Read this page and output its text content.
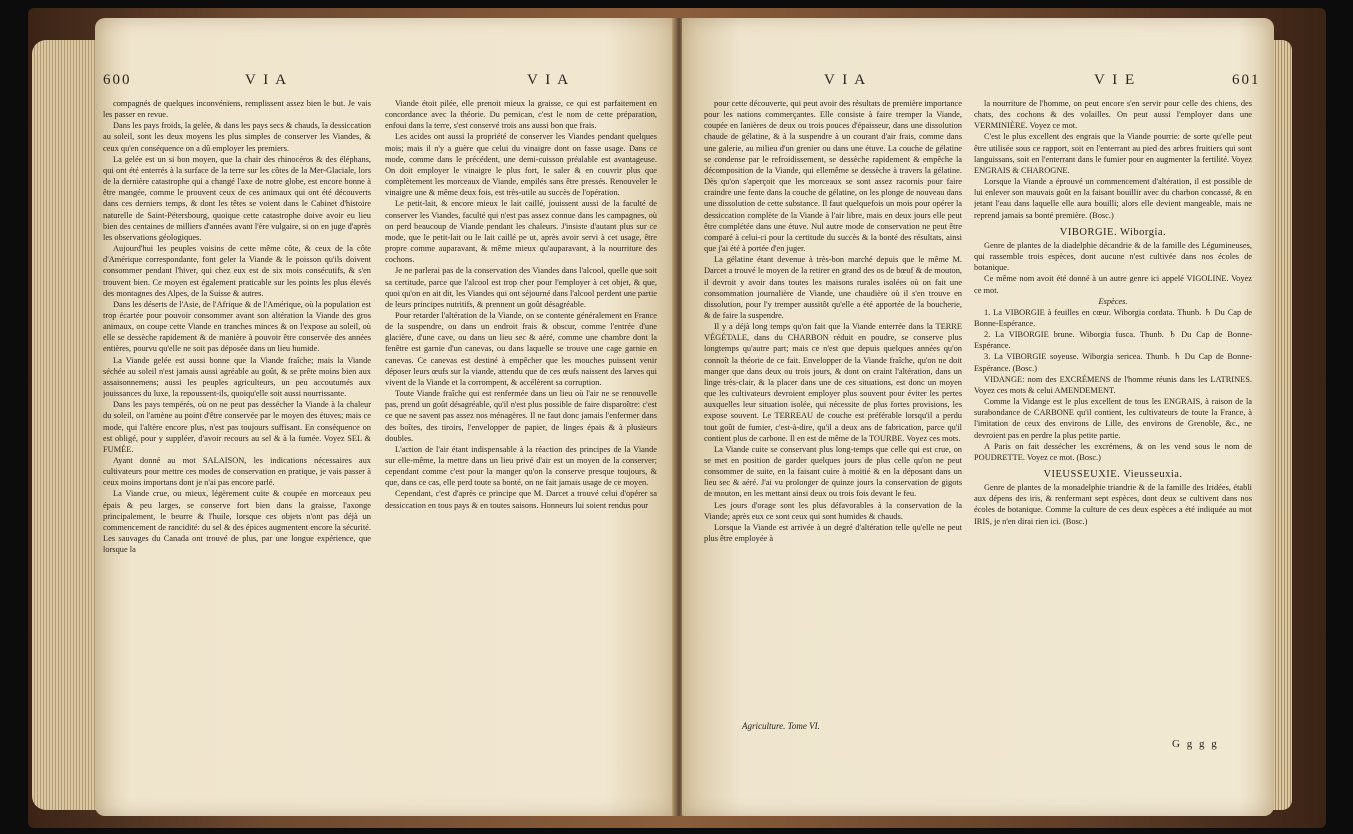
600	V I A	V I A

compagnés de quelques inconvéniens, remplissent assez bien le but. Je vais les passer en revue.

Dans les pays froids, la gelée, & dans les pays secs & chauds, la dessiccation au soleil, sont les deux moyens les plus simples de conserver les Viandes, & ceux qu'en conséquence on a dû employer les premiers.

La gelée est un si bon moyen, que la chair des rhinocéros & des éléphans, qui ont été enterrés à la surface de la terre sur les côtes de la Mer-Glaciale, lors de la dernière catastrophe qui a changé l'axe de notre globe, est encore bonne à être mangée, comme le prouvent ceux de ces animaux qui ont été découverts dans ces derniers temps, & dont les têtes se voient dans le Cabinet d'histoire naturelle de Saint-Pétersbourg, quoique cette catastrophe doive avoir eu lieu bien des centaines de milliers d'années avant l'ère vulgaire, si on en juge d'après les observations géologiques.

Aujourd'hui les peuples voisins de cette même côte, & ceux de la côte d'Amérique correspondante, font geler la Viande & le poisson qu'ils doivent consommer pendant l'hiver, qui chez eux est de six mois consécutifs, & s'en trouvent bien. Ce moyen est également praticable sur les points les plus élevés des montagnes des Alpes, de la Suisse & autres.

Dans les déserts de l'Asie, de l'Afrique & de l'Amérique, où la population est trop écartée pour pouvoir consommer avant son altération la Viande des gros animaux, on coupe cette Viande en tranches minces & on l'expose au soleil, où elle se dessèche rapidement & de manière à pouvoir être conservée des années entières, pourvu qu'elle ne soit pas déposée dans un lieu humide.

La Viande gelée est aussi bonne que la Viande fraîche; mais la Viande séchée au soleil n'est jamais aussi agréable au goût, & se prête moins bien aux assaisonnemens; aussi les peuples agriculteurs, un peu accoutumés aux jouissances du luxe, la repoussent-ils, quoiqu'elle soit aussi nourrissante.

Dans les pays tempérés, où on ne peut pas dessécher la Viande à la chaleur du soleil, on l'amène au point d'être conservée par le moyen des étuves; mais ce mode, qui l'altère encore plus, n'est pas toujours suffisant. En conséquence on est obligé, pour y suppléer, d'avoir recours au sel & à la fumée. Voyez SEL & FUMÉE.

Ayant donné au mot SALAISON, les indications nécessaires aux cultivateurs pour mettre ces modes de conservation en pratique, je vais passer à ceux moins importans dont je n'ai pas encore parlé.

La Viande crue, ou mieux, légèrement cuite & coupée en morceaux peu épais & peu larges, se conserve fort bien dans la graisse, l'axonge principalement, le beurre & l'huile, lorsque ces objets n'ont pas déjà un commencement de rancidité: du sel & des épices augmentent encore la sécurité. Les sauvages du Canada ont trouvé de plus, par une longue expérience, que lorsque la

Viande étoit pilée, elle prenoit mieux la graisse, ce qui est parfaitement en concordance avec la théorie. Du pemican, c'est le nom de cette préparation, enfoui dans la terre, s'est conservé trois ans aussi bon que frais.

Les acides ont aussi la propriété de conserver les Viandes pendant quelques mois; mais il n'y a guère que celui du vinaigre dont on fasse usage. Dans ce mode, comme dans le précédent, une demi-cuisson préalable est avantageuse. On doit employer le vinaigre le plus fort, le saler & en couvrir plus que complètement les morceaux de Viande, empilés sans être pressés. Renouveler le vinaigre une & même deux fois, est très-utile au succès de l'opération.

Le petit-lait, & encore mieux le lait caillé, jouissent aussi de la faculté de conserver les Viandes, faculté qui n'est pas assez connue dans les campagnes, où on perd beaucoup de Viande pendant les chaleurs. J'insiste d'autant plus sur ce mode, que le petit-lait ou le lait caillé pe ut, après avoir servi à cet usage, être propre comme auparavant, & même mieux qu'auparavant, à la nourriture des cochons.

Je ne parlerai pas de la conservation des Viandes dans l'alcool, quelle que soit sa certitude, parce que l'alcool est trop cher pour l'employer à cet objet, & que, quoi qu'on en ait dit, les Viandes qui ont séjourné dans l'alcool perdent une partie de leurs principes nutritifs, & prennent un goût désagréable.

Pour retarder l'altération de la Viande, on se contente généralement en France de la suspendre, ou dans un endroit frais & obscur, comme l'entrée d'une glacière, d'une cave, ou dans un lieu sec & aéré, comme une chambre dont la fenêtre est garnie d'un canevas, ou dans laquelle se trouve une cage garnie en canevas. Ce canevas est destiné à empêcher que les mouches puissent venir déposer leurs œufs sur la viande, attendu que de ces œufs naissent des larves qui vivent de la Viande et la corrompent, & accélèrent sa corruption.

Toute Viande fraîche qui est renfermée dans un lieu où l'air ne se renouvelle pas, prend un goût désagréable, qu'il n'est plus possible de faire disparoître: c'est ce que ne savent pas assez nos ménagères. Il ne faut donc jamais l'enfermer dans des boîtes, des tiroirs, l'envelopper de papier, de linges épais & à plusieurs doubles.

L'action de l'air étant indispensable à la réaction des principes de la Viande sur elle-même, la mettre dans un lieu privé d'air est un moyen de la conserver; cependant comme c'est pour la manger qu'on la conserve presque toujours, & que, dans ce cas, elle perd toute sa bonté, on ne fait jamais usage de ce moyen.

Cependant, c'est d'après ce principe que M. Darcet a trouvé celui d'opérer sa dessiccation en tous pays & en toutes saisons. Honneurs lui soient rendus pour

V I A	V I E	601

pour cette découverte, qui peut avoir des résultats de première importance pour les nations commerçantes. Elle consiste à faire tremper la Viande, coupée en lanières de deux ou trois pouces d'épaisseur, dans une dissolution chaude de gélatine, & à la suspendre à un courant d'air frais, comme dans une galerie, au milieu d'un grenier ou dans une étuve. La couche de gélatine se condense par le refroidissement, se dessèche rapidement & empêche la décomposition de la Viande, qui ellemême se dessèche à travers la gélatine. Dès qu'on s'aperçoit que les morceaux se sont assez racornis pour faire craindre une fente dans la couche de gélatine, on les plonge de nouveau dans une dissolution de cette substance. Il faut quelquefois un mois pour opérer la dessiccation complète de la Viande à l'air libre, mais en deux jours elle peut être complétée dans une étuve. Nul autre mode de conservation ne peut être comparé à celui-ci pour la certitude du succès & la bonté des résultats, ainsi que j'ai été à portée d'en juger.

La gélatine étant devenue à très-bon marché depuis que le même M. Darcet a trouvé le moyen de la retirer en grand des os de bœuf & de mouton, il devroit y avoir dans toutes les maisons rurales isolées où on fait une consommation journalière de Viande, une chaudière où il s'en trouve en dissolution, pour l'y tremper aussitôt qu'elle a été apportée de la boucherie, & de faire la suspendre.

Il y a déjà long temps qu'on fait que la Viande enterrée dans la TERRE VÉGÉTALE, dans du CHARBON réduit en poudre, se conserve plus longtemps qu'autre part; mais ce n'est que depuis quelques années qu'on connoît la théorie de ce fait. Envelopper de la Viande fraîche, qu'on ne doit manger que dans deux ou trois jours, & dont on craint l'altération, dans un linge très-clair, & la placer dans une de ces situations, est donc un moyen que les cultivateurs devroient employer plus souvent pour éviter les pertes auxquelles leur situation isolée, qui nécessite de plus fortes provisions, les expose souvent. Le TERREAU de couche est préférable lorsqu'il a perdu tout goût de fumier, c'est-à-dire, qu'il a deux ans de fabrication, parce qu'il contient plus de carbone. Il en est de même de la TOURBE. Voyez ces mots.

La Viande cuite se conservant plus long-temps que celle qui est crue, on se met en position de garder quelques jours de plus celle qu'on ne peut consommer de suite, en la faisant cuire à moitié & en la déposant dans un lieu sec & aéré. J'ai vu prolonger de quinze jours la conservation de gigots de mouton, en les mettant ainsi deux ou trois fois devant le feu.

Les jours d'orage sont les plus défavorables à la conservation de la Viande; après eux ce sont ceux qui sont humides & chauds.

Lorsque la Viande est arrivée à un degré d'altération telle qu'elle ne peut plus être employée à

la nourriture de l'homme, on peut encore s'en servir pour celle des chiens, des chats, des cochons & des volailles. On peut aussi l'employer dans une VERMINIÈRE. Voyez ce mot.

C'est le plus excellent des engrais que la Viande pourrie: de sorte qu'elle peut être utilisée sous ce rapport, soit en l'enterrant au pied des arbres fruitiers qui sont languissans, soit en l'enterrant dans le fumier pour en augmenter la fertilité. Voyez ENGRAIS & CHAROGNE.

Lorsque la Viande a éprouvé un commencement d'altération, il est possible de lui enlever son mauvais goût en la faisant bouillir avec du charbon concassé, & en jetant l'eau dans laquelle elle aura bouilli; alors elle devient mangeable, mais ne reprend jamais sa bonté première. (Bosc.)

VIBORGIE. Wiborgia.

Genre de plantes de la diadelphie décandrie & de la famille des Légumineuses, qui rassemble trois espèces, dont aucune n'est cultivée dans nos écoles de botanique.

Ce même nom avoit été donné à un autre genre ici appelé VIGOLINE. Voyez ce mot.

Espèces.

1. La VIBORGIE à feuilles en cœur. Wiborgia cordata. Thunb. ♄ Du Cap de Bonne-Espérance.

2. La VIBORGIE brune. Wiborgia fusca. Thunb. ♄ Du Cap de Bonne-Espérance.

3. La VIBORGIE soyeuse. Wiborgia sericea. Thunb. ♄ Du Cap de Bonne-Espérance. (Bosc.)

VIDANGE: nom des EXCRÉMENS de l'homme réunis dans les LATRINES. Voyez ces mots & celui AMENDEMENT.

Comme la Vidange est le plus excellent de tous les ENGRAIS, à raison de la surabondance de CARBONE qu'il contient, les cultivateurs de toute la France, à l'imitation de ceux des environs de Lille, des environs de Grenoble, &c., ne devroient pas en perdre la plus petite partie.

A Paris on fait dessécher les excrémens, & on les vend sous le nom de POUDRETTE. Voyez ce mot. (Bosc.)

VIEUSSEUXIE. Vieusseuxia.

Genre de plantes de la monadelphie triandrie & de la famille des Iridées, établi aux dépens des iris, & renfermant sept espèces, dont deux se cultivent dans nos écoles de botanique. Comme la culture de ces deux espèces a été indiquée au mot IRIS, je n'en dirai rien ici. (Bosc.)

Agriculture. Tome VI.
G g g g
